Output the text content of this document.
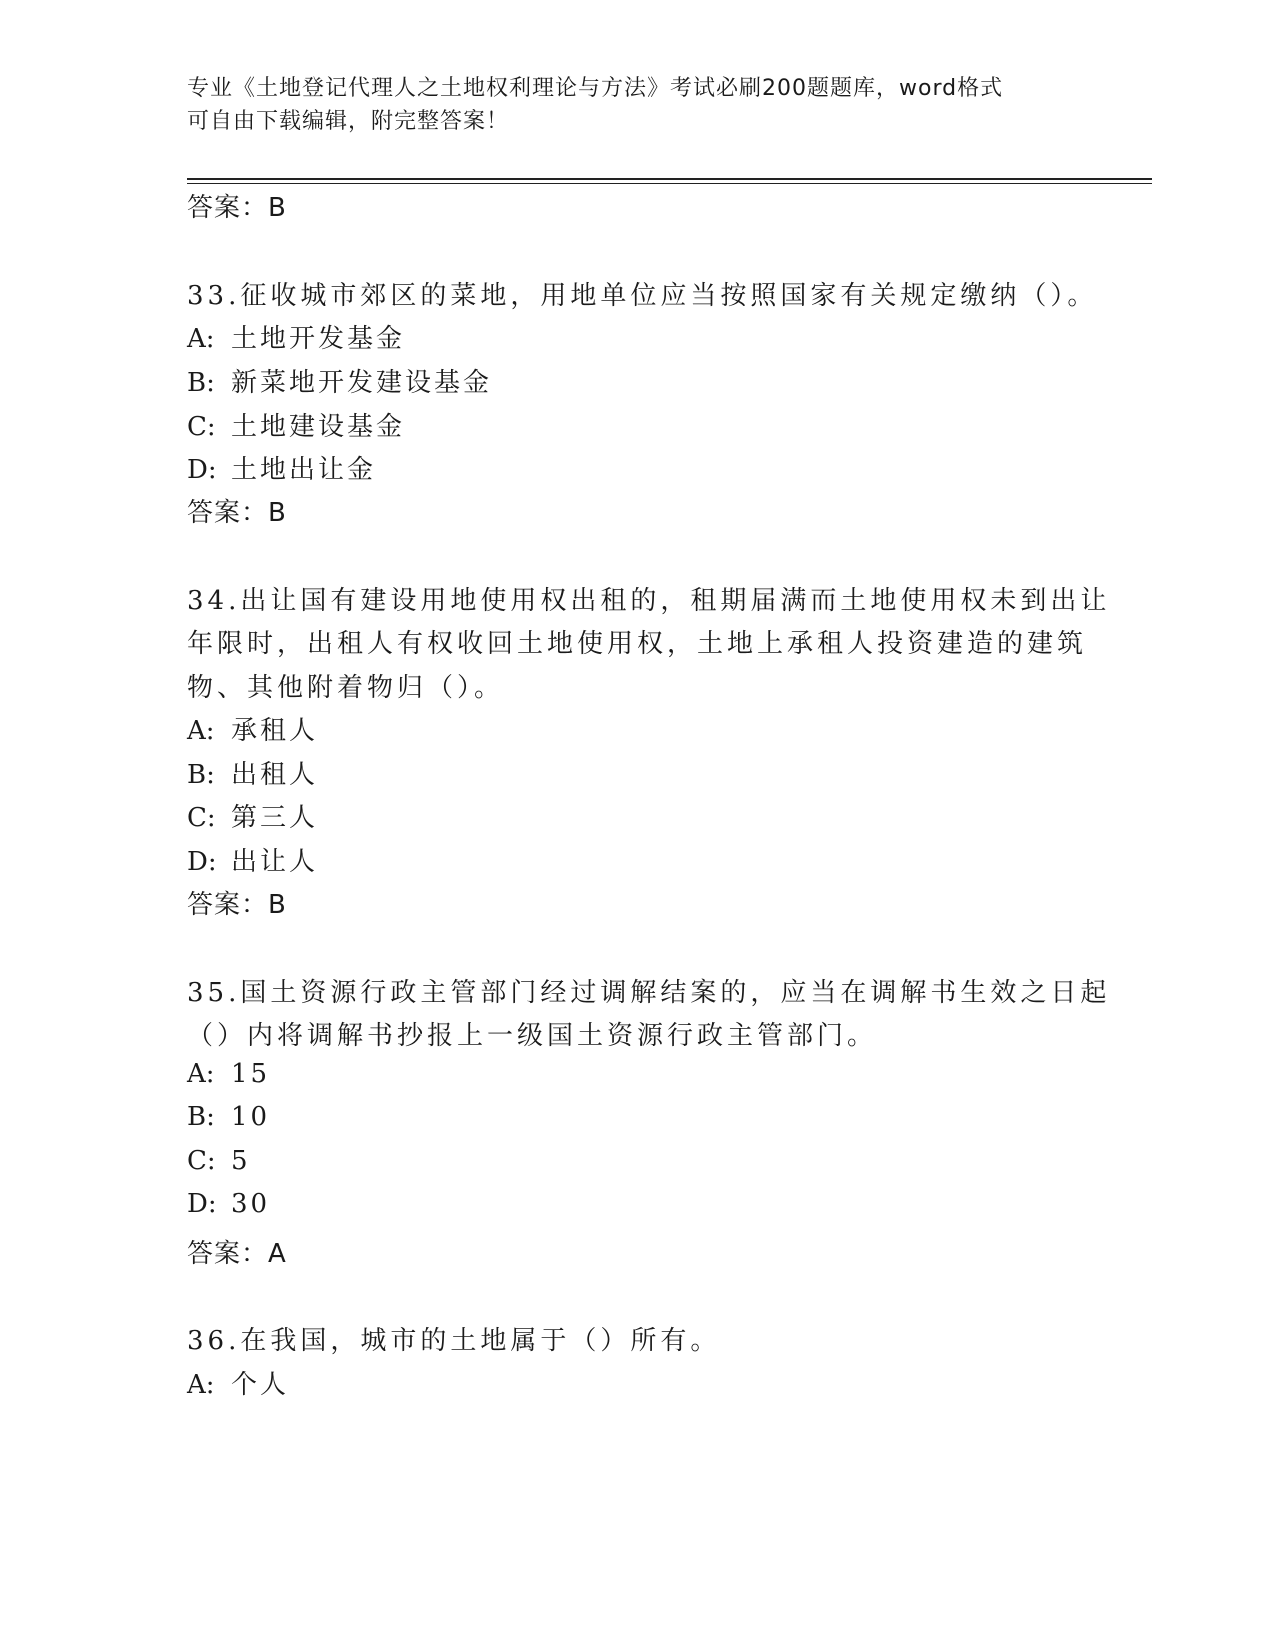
专业《土地登记代理人之土地权利理论与方法》考试必刷200题题库，word格式
可自由下载编辑，附完整答案！
答案：B
33.征收城市郊区的菜地，用地单位应当按照国家有关规定缴纳（）。
A: 土地开发基金
B: 新菜地开发建设基金
C: 土地建设基金
D: 土地出让金
答案：B
34.出让国有建设用地使用权出租的，租期届满而土地使用权未到出让
年限时，出租人有权收回土地使用权，土地上承租人投资建造的建筑
物、其他附着物归（）。
A: 承租人
B: 出租人
C: 第三人
D: 出让人
答案：B
35.国土资源行政主管部门经过调解结案的，应当在调解书生效之日起
（）内将调解书抄报上一级国土资源行政主管部门。
A: 15
B: 10
C: 5
D: 30
答案：A
36.在我国，城市的土地属于（）所有。
A: 个人
